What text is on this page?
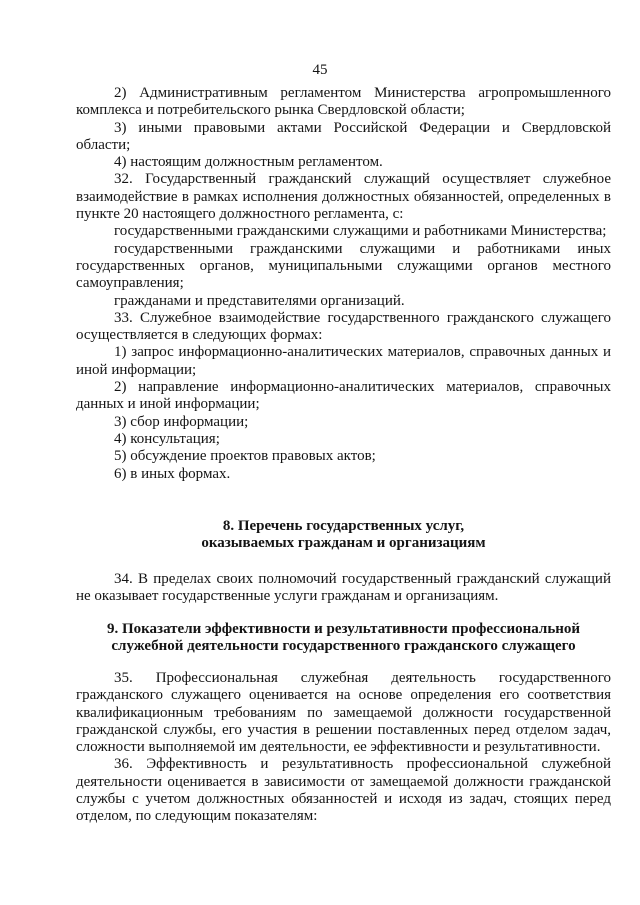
45

2) Административным регламентом Министерства агропромышленного комплекса и потребительского рынка Свердловской области;

3) иными правовыми актами Российской Федерации и Свердловской области;

4) настоящим должностным регламентом.

32. Государственный гражданский служащий осуществляет служебное взаимодействие в рамках исполнения должностных обязанностей, определенных в пункте 20 настоящего должностного регламента, с:

государственными гражданскими служащими и работниками Министерства;

государственными гражданскими служащими и работниками иных государственных органов, муниципальными служащими органов местного самоуправления;

гражданами и представителями организаций.

33. Служебное взаимодействие государственного гражданского служащего осуществляется в следующих формах:

1) запрос информационно-аналитических материалов, справочных данных и иной информации;

2) направление информационно-аналитических материалов, справочных данных и иной информации;

3) сбор информации;

4) консультация;

5) обсуждение проектов правовых актов;

6) в иных формах.

8. Перечень государственных услуг,
оказываемых гражданам и организациям

34. В пределах своих полномочий государственный гражданский служащий не оказывает государственные услуги гражданам и организациям.

9. Показатели эффективности и результативности профессиональной
служебной деятельности государственного гражданского служащего

35. Профессиональная служебная деятельность государственного гражданского служащего оценивается на основе определения его соответствия квалификационным требованиям по замещаемой должности государственной гражданской службы, его участия в решении поставленных перед отделом задач, сложности выполняемой им деятельности, ее эффективности и результативности.

36. Эффективность и результативность профессиональной служебной деятельности оценивается в зависимости от замещаемой должности гражданской службы с учетом должностных обязанностей и исходя из задач, стоящих перед отделом, по следующим показателям:
